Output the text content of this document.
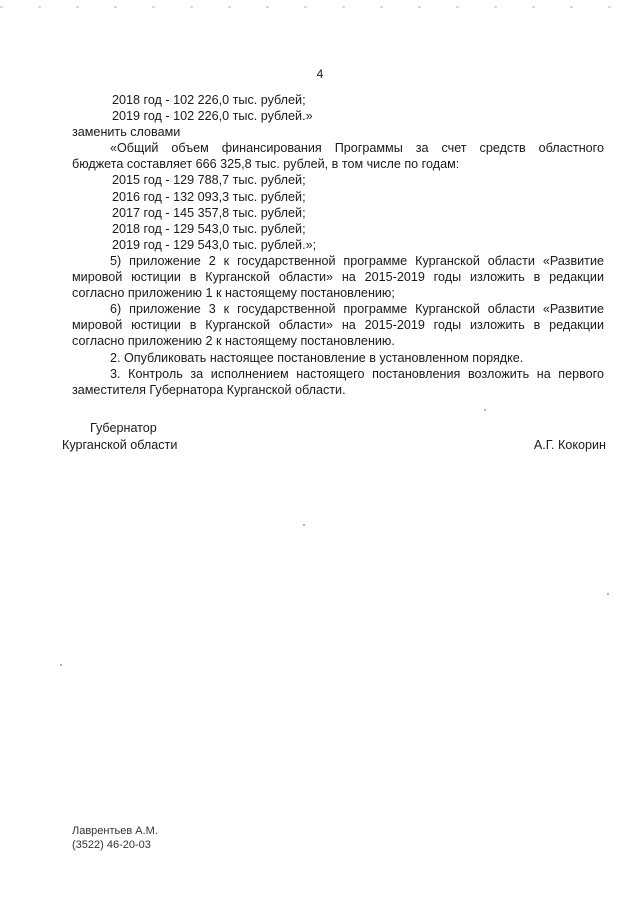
4

2018 год - 102 226,0 тыс. рублей;

2019 год - 102 226,0 тыс. рублей.»

заменить словами

«Общий объем финансирования Программы за счет средств областного

бюджета составляет 666 325,8 тыс. рублей, в том числе по годам:

2015 год - 129 788,7 тыс. рублей;

2016 год - 132 093,3 тыс. рублей;

2017 год - 145 357,8 тыс. рублей;

2018 год - 129 543,0 тыс. рублей;

2019 год - 129 543,0 тыс. рублей.»;

5) приложение 2 к государственной программе Курганской области «Развитие

мировой юстиции в Курганской области» на 2015-2019 годы изложить в редакции

согласно приложению 1 к настоящему постановлению;

6) приложение 3 к государственной программе Курганской области «Развитие

мировой юстиции в Курганской области» на 2015-2019 годы изложить в редакции

согласно приложению 2 к настоящему постановлению.

2. Опубликовать настоящее постановление в установленном порядке.

3. Контроль за исполнением настоящего постановления возложить на первого

заместителя Губернатора Курганской области.

Губернатор
Курганской области	А.Г. Кокорин
Лаврентьев А.М.
(3522) 46-20-03
